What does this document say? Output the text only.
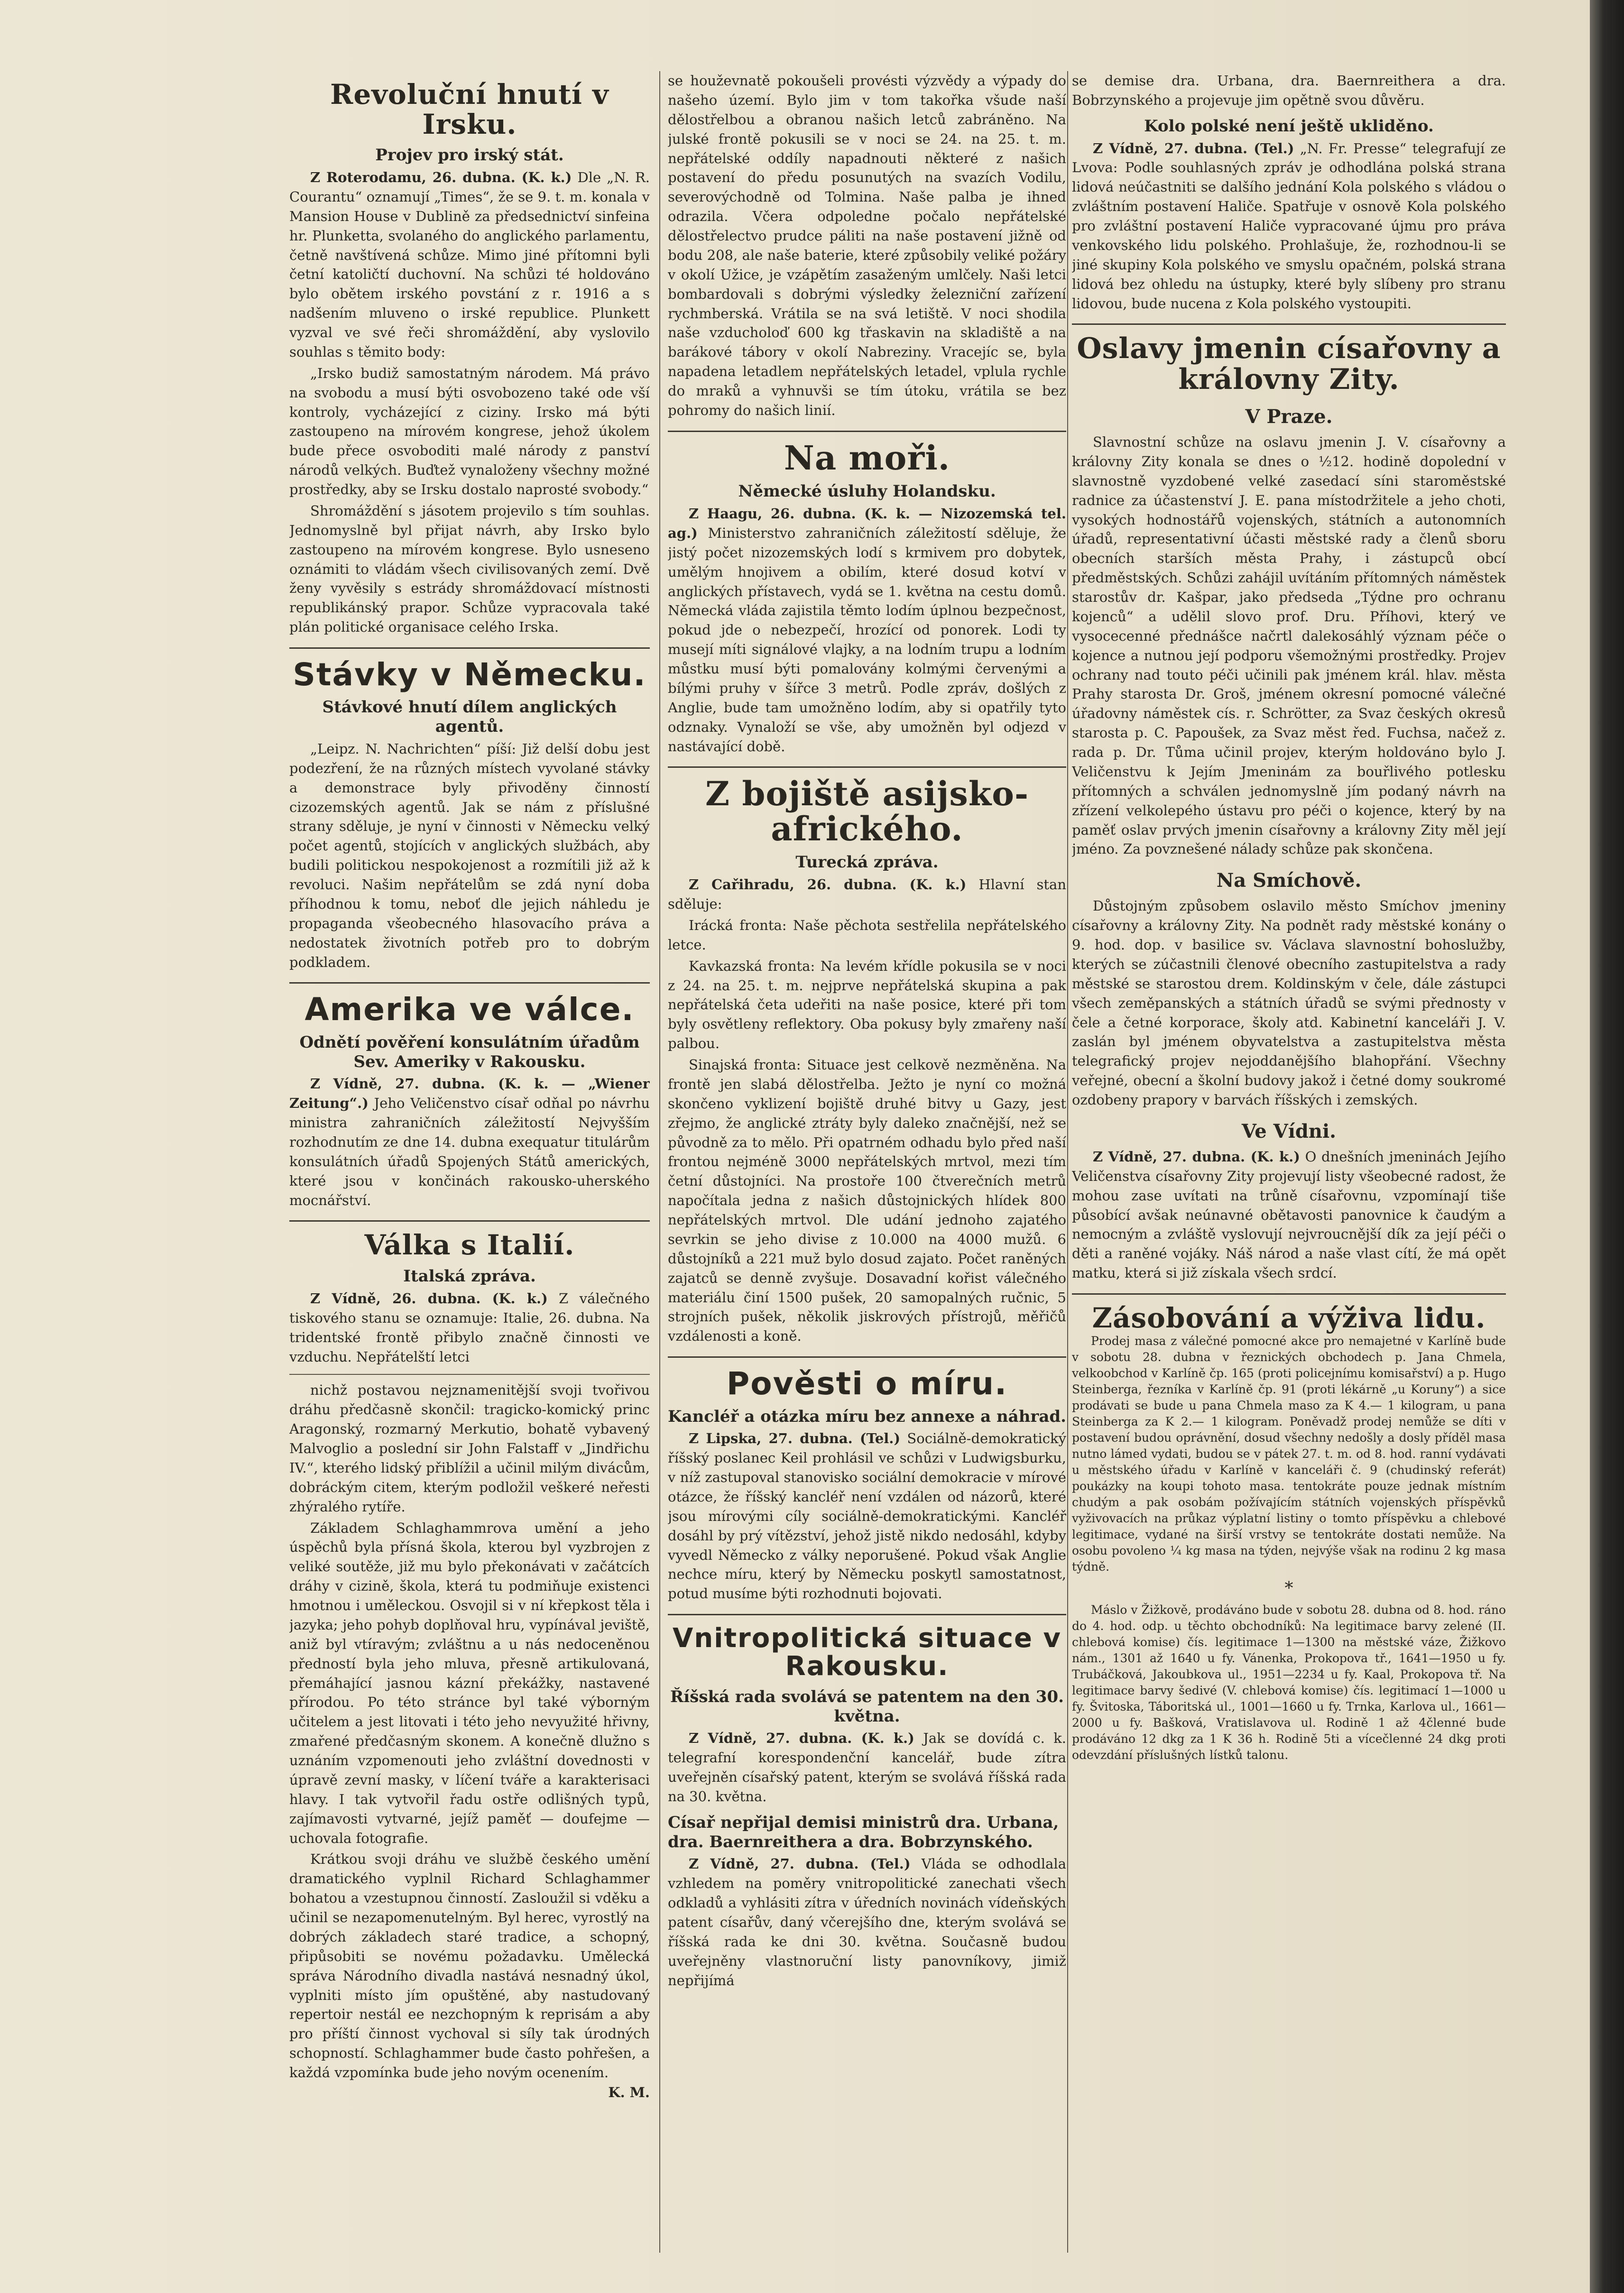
Revoluční hnutí v Irsku.
Projev pro irský stát.

Z Roterodamu, 26. dubna. (K. k.) Dle „N. R. Courantu“ oznamují „Times“, že se 9. t. m. konala v Mansion House v Dublině za předsednictví sinfeina hr. Plunketta, svolaného do anglického parlamentu, četně navštívená schůze. Mimo jiné přítomni byli četní katoličtí duchovní. Na schůzi té holdováno bylo obětem irského povstání z r. 1916 a s nadšením mluveno o irské republice. Plunkett vyzval ve své řeči shromáždění, aby vyslovilo souhlas s těmito body:

„Irsko budiž samostatným národem. Má právo na svobodu a musí býti osvobozeno také ode vší kontroly, vycházející z ciziny. Irsko má býti zastoupeno na mírovém kongrese, jehož úkolem bude přece osvoboditi malé národy z panství národů velkých. Buďtež vynaloženy všechny možné prostředky, aby se Irsku dostalo naprosté svobody.“

Shromáždění s jásotem projevilo s tím souhlas. Jednomyslně byl přijat návrh, aby Irsko bylo zastoupeno na mírovém kongrese. Bylo usneseno oznámiti to vládám všech civilisovaných zemí. Dvě ženy vyvěsily s estrády shromáždovací místnosti republikánský prapor. Schůze vypracovala také plán politické organisace celého Irska.

Stávky v Německu.
Stávkové hnutí dílem anglických agentů.

„Leipz. N. Nachrichten“ píší: Již delší dobu jest podezření, že na různých místech vyvolané stávky a demonstrace byly přivoděny činností cizozemských agentů. Jak se nám z příslušné strany sděluje, je nyní v činnosti v Německu velký počet agentů, stojících v anglických službách, aby budili politickou nespokojenost a rozmítili již až k revoluci. Našim nepřátelům se zdá nyní doba příhodnou k tomu, neboť dle jejich náhledu je propaganda všeobecného hlasovacího práva a nedostatek životních potřeb pro to dobrým podkladem.

Amerika ve válce.
Odnětí pověření konsulátním úřadům Sev. Ameriky v Rakousku.

Z Vídně, 27. dubna. (K. k. — „Wiener Zeitung“.) Jeho Veličenstvo císař odňal po návrhu ministra zahraničních záležitostí Nejvyšším rozhodnutím ze dne 14. dubna exequatur titulárům konsulátních úřadů Spojených Států amerických, které jsou v končinách rakousko-uherského mocnářství.

Válka s Italií.
Italská zpráva.

Z Vídně, 26. dubna. (K. k.) Z válečného tiskového stanu se oznamuje: Italie, 26. dubna. Na tridentské frontě přibylo značně činnosti ve vzduchu. Nepřátelští letci

nichž postavou nejznamenitější svoji tvořivou dráhu předčasně skončil: tragicko-komický princ Aragonský, rozmarný Merkutio, bohatě vybavený Malvoglio a poslední sir John Falstaff v „Jindřichu IV.“, kterého lidský přiblížil a učinil milým divácům, dobráckým citem, kterým podložil veškeré neřesti zhýralého rytíře.

Základem Schlaghammrova umění a jeho úspěchů byla přísná škola, kterou byl vyzbrojen z veliké soutěže, již mu bylo překonávati v začátcích dráhy v cizině, škola, která tu podmiňuje existenci hmotnou i uměleckou. Osvojil si v ní křepkost těla i jazyka; jeho pohyb doplňoval hru, vypínával jeviště, aniž byl vtíravým; zvláštnu a u nás nedoceněnou předností byla jeho mluva, přesně artikulovaná, přemáhající jasnou kázní překážky, nastavené přírodou. Po této stránce byl také výborným učitelem a jest litovati i této jeho nevyužité hřivny, zmařené předčasným skonem. A konečně dlužno s uznáním vzpomenouti jeho zvláštní dovednosti v úpravě zevní masky, v líčení tváře a karakterisaci hlavy. I tak vytvořil řadu ostře odlišných typů, zajímavosti vytvarné, jejíž paměť — doufejme — uchovala fotografie.

Krátkou svoji dráhu ve službě českého umění dramatického vyplnil Richard Schlaghammer bohatou a vzestupnou činností. Zasloužil si vděku a učinil se nezapomenutelným. Byl herec, vyrostlý na dobrých základech staré tradice, a schopný, připůsobiti se novému požadavku. Umělecká správa Národního divadla nastává nesnadný úkol, vyplniti místo jím opuštěné, aby nastudovaný repertoir nestál ee nezchopným k reprisám a aby pro příští činnost vychoval si síly tak úrodných schopností. Schlaghammer bude často pohřešen, a každá vzpomínka bude jeho novým ocenením.

K. M.

se houževnatě pokoušeli provésti výzvědy a výpady do našeho území. Bylo jim v tom takořka všude naší dělostřelbou a obranou našich letců zabráněno. Na julské frontě pokusili se v noci se 24. na 25. t. m. nepřátelské oddíly napadnouti některé z našich postavení do předu posunutých na svazích Vodilu, severovýchodně od Tolmina. Naše palba je ihned odrazila. Včera odpoledne počalo nepřátelské dělostřelectvo prudce páliti na naše postavení jižně od bodu 208, ale naše baterie, které způsobily veliké požáry v okolí Užice, je vzápětím zasaženým umlčely. Naši letci bombardovali s dobrými výsledky železniční zařízení rychmberská. Vrátila se na svá letiště. V noci shodila naše vzducholoď 600 kg třaskavin na skladiště a na barákové tábory v okolí Nabreziny. Vracejíc se, byla napadena letadlem nepřátelských letadel, vplula rychle do mraků a vyhnuvši se tím útoku, vrátila se bez pohromy do našich linií.

Na moři.
Německé úsluhy Holandsku.

Z Haagu, 26. dubna. (K. k. — Nizozemská tel. ag.) Ministerstvo zahraničních záležitostí sděluje, že jistý počet nizozemských lodí s krmivem pro dobytek, umělým hnojivem a obilím, které dosud kotví v anglických přístavech, vydá se 1. května na cestu domů. Německá vláda zajistila těmto lodím úplnou bezpečnost, pokud jde o nebezpečí, hrozící od ponorek. Lodi ty musejí míti signálové vlajky, a na lodním trupu a lodním můstku musí býti pomalovány kolmými červenými a bílými pruhy v šířce 3 metrů. Podle zpráv, došlých z Anglie, bude tam umožněno lodím, aby si opatřily tyto odznaky. Vynaloží se vše, aby umožněn byl odjezd v nastávající době.

Z bojiště asijsko-afrického.
Turecká zpráva.

Z Cařihradu, 26. dubna. (K. k.) Hlavní stan sděluje:

Irácká fronta: Naše pěchota sestřelila nepřátelského letce.

Kavkazská fronta: Na levém křídle pokusila se v noci z 24. na 25. t. m. nejprve nepřátelská skupina a pak nepřátelská četa udeřiti na naše posice, které při tom byly osvětleny reflektory. Oba pokusy byly zmařeny naší palbou.

Sinajská fronta: Situace jest celkově nezměněna. Na frontě jen slabá dělostřelba. Ježto je nyní co možná skončeno vyklizení bojiště druhé bitvy u Gazy, jest zřejmo, že anglické ztráty byly daleko značnější, než se původně za to mělo. Při opatrném odhadu bylo před naší frontou nejméně 3000 nepřátelských mrtvol, mezi tím četní důstojníci. Na prostoře 100 čtverečních metrů napočítala jedna z našich důstojnických hlídek 800 nepřátelských mrtvol. Dle udání jednoho zajatého sevrkin se jeho divise z 10.000 na 4000 mužů. 6 důstojníků a 221 muž bylo dosud zajato. Počet raněných zajatců se denně zvyšuje. Dosavadní kořist válečného materiálu činí 1500 pušek, 20 samopalných ručnic, 5 strojních pušek, několik jiskrových přístrojů, měřičů vzdálenosti a koně.

Pověsti o míru.
Kancléř a otázka míru bez annexe a náhrad.

Z Lipska, 27. dubna. (Tel.) Sociálně-demokratický říšský poslanec Keil prohlásil ve schůzi v Ludwigsburku, v níž zastupoval stanovisko sociální demokracie v mírové otázce, že říšský kancléř není vzdálen od názorů, které jsou mírovými cíly sociálně-demokratickými. Kancléř dosáhl by prý vítězství, jehož jistě nikdo nedosáhl, kdyby vyvedl Německo z války neporušené. Pokud však Anglie nechce míru, který by Německu poskytl samostatnost, potud musíme býti rozhodnuti bojovati.

Vnitropolitická situace v Rakousku.
Říšská rada svolává se patentem na den 30. května.

Z Vídně, 27. dubna. (K. k.) Jak se dovídá c. k. telegrafní korespondenční kancelář, bude zítra uveřejněn císařský patent, kterým se svolává říšská rada na 30. května.

Císař nepřijal demisi ministrů dra. Urbana, dra. Baernreithera a dra. Bobrzynského.

Z Vídně, 27. dubna. (Tel.) Vláda se odhodlala vzhledem na poměry vnitropolitické zanechati všech odkladů a vyhlásiti zítra v úředních novinách vídeňských patent císařův, daný včerejšího dne, kterým svolává se říšská rada ke dni 30. května. Současně budou uveřejněny vlastnoruční listy panovníkovy, jimiž nepřijímá

se demise dra. Urbana, dra. Baernreithera a dra. Bobrzynského a projevuje jim opětně svou důvěru.

Kolo polské není ještě ukliděno.

Z Vídně, 27. dubna. (Tel.) „N. Fr. Presse“ telegrafují ze Lvova: Podle souhlasných zpráv je odhodlána polská strana lidová neúčastniti se dalšího jednání Kola polského s vládou o zvláštním postavení Haliče. Spatřuje v osnově Kola polského pro zvláštní postavení Haliče vypracované újmu pro práva venkovského lidu polského. Prohlašuje, že, rozhodnou-li se jiné skupiny Kola polského ve smyslu opačném, polská strana lidová bez ohledu na ústupky, které byly slíbeny pro stranu lidovou, bude nucena z Kola polského vystoupiti.

Oslavy jmenin císařovny a královny Zity.
V Praze.

Slavnostní schůze na oslavu jmenin J. V. císařovny a královny Zity konala se dnes o ½12. hodině dopolední v slavnostně vyzdobené velké zasedací síni staroměstské radnice za účastenství J. E. pana místodržitele a jeho choti, vysokých hodnostářů vojenských, státních a autonomních úřadů, representativní účasti městské rady a členů sboru obecních starších města Prahy, i zástupců obcí předměstských. Schůzi zahájil uvítáním přítomných náměstek starostův dr. Kašpar, jako předseda „Týdne pro ochranu kojenců“ a udělil slovo prof. Dru. Příhovi, který ve vysocecenné přednášce načrtl dalekosáhlý význam péče o kojence a nutnou její podporu všemožnými prostředky. Projev ochrany nad touto péči učinili pak jménem král. hlav. města Prahy starosta Dr. Groš, jménem okresní pomocné válečné úřadovny náměstek cís. r. Schrötter, za Svaz českých okresů starosta p. C. Papoušek, za Svaz měst řed. Fuchsa, načež z. rada p. Dr. Tůma učinil projev, kterým holdováno bylo J. Veličenstvu k Jejím Jmeninám za bouřlivého potlesku přítomných a schválen jednomyslně jím podaný návrh na zřízení velkolepého ústavu pro péči o kojence, který by na paměť oslav prvých jmenin císařovny a královny Zity měl její jméno. Za povznešené nálady schůze pak skončena.

Na Smíchově.

Důstojným způsobem oslavilo město Smíchov jmeniny císařovny a královny Zity. Na podnět rady městské konány o 9. hod. dop. v basilice sv. Václava slavnostní bohoslužby, kterých se zúčastnili členové obecního zastupitelstva a rady městské se starostou drem. Koldinským v čele, dále zástupci všech zeměpanských a státních úřadů se svými přednosty v čele a četné korporace, školy atd. Kabinetní kanceláři J. V. zaslán byl jménem obyvatelstva a zastupitelstva města telegrafický projev nejoddanějšího blahopřání. Všechny veřejné, obecní a školní budovy jakož i četné domy soukromé ozdobeny prapory v barvách říšských i zemských.

Ve Vídni.

Z Vídně, 27. dubna. (K. k.) O dnešních jmeninách Jejího Veličenstva císařovny Zity projevují listy všeobecné radost, že mohou zase uvítati na trůně císařovnu, vzpomínají tiše působící avšak neúnavné obětavosti panovnice k čaudým a nemocným a zvláště vyslovují nejvroucnější dík za její péči o děti a raněné vojáky. Náš národ a naše vlast cítí, že má opět matku, která si již získala všech srdcí.

Zásobování a výživa lidu.

Prodej masa z válečné pomocné akce pro nemajetné v Karlíně bude v sobotu 28. dubna v řeznických obchodech p. Jana Chmela, velkoobchod v Karlíně čp. 165 (proti policejnímu komisařství) a p. Hugo Steinberga, řezníka v Karlíně čp. 91 (proti lékárně „u Koruny“) a sice prodávati se bude u pana Chmela maso za K 4.— 1 kilogram, u pana Steinberga za K 2.— 1 kilogram. Poněvadž prodej nemůže se díti v postavení budou oprávnění, dosud všechny nedošly a dosly příděl masa nutno lámed vydati, budou se v pátek 27. t. m. od 8. hod. ranní vydávati u městského úřadu v Karlíně v kanceláři č. 9 (chudinský referát) poukázky na koupi tohoto masa. tentokráte pouze jednak místním chudým a pak osobám požívajícím státních vojenských příspěvků vyživovacích na průkaz výplatní listiny o tomto příspěvku a chlebové legitimace, vydané na širší vrstvy se tentokráte dostati nemůže. Na osobu povoleno ¼ kg masa na týden, nejvýše však na rodinu 2 kg masa týdně.

*

Máslo v Žižkově, prodáváno bude v sobotu 28. dubna od 8. hod. ráno do 4. hod. odp. u těchto obchodníků: Na legitimace barvy zelené (II. chlebová komise) čís. legitimace 1—1300 na městské váze, Žižkovo nám., 1301 až 1640 u fy. Vánenka, Prokopova tř., 1641—1950 u fy. Trubáčková, Jakoubkova ul., 1951—2234 u fy. Kaal, Prokopova tř. Na legitimace barvy šedivé (V. chlebová komise) čís. legitimací 1—1000 u fy. Švitoska, Táboritská ul., 1001—1660 u fy. Trnka, Karlova ul., 1661—2000 u fy. Bašková, Vratislavova ul. Rodině 1 až 4členné bude prodáváno 12 dkg za 1 K 36 h. Rodině 5ti a vícečlenné 24 dkg proti odevzdání příslušných lístků talonu.
